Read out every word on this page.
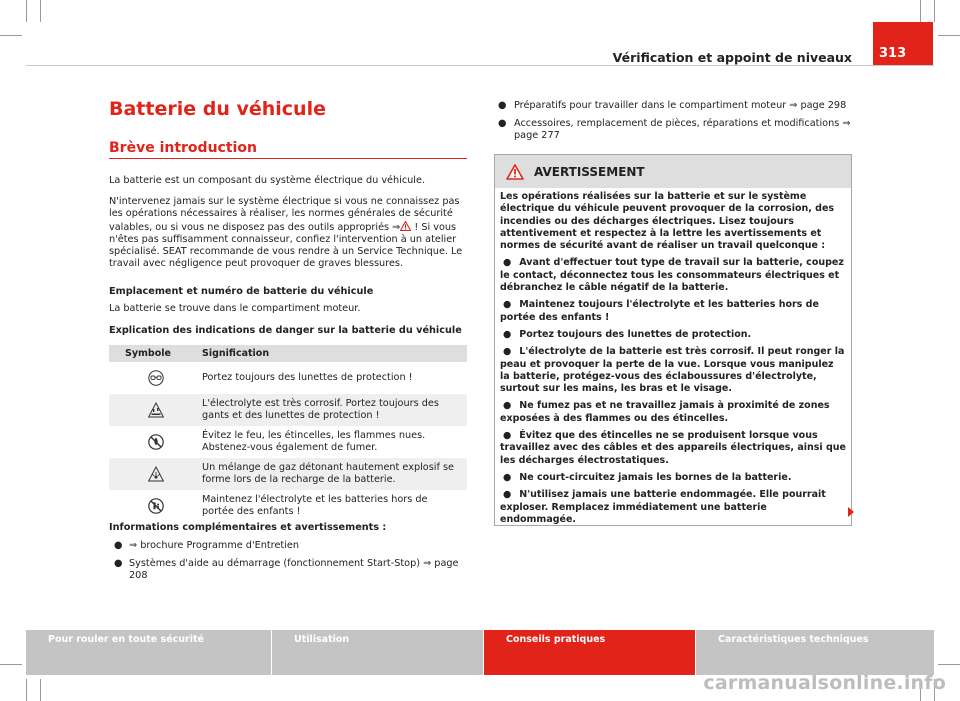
Vérification et appoint de niveaux	313
Batterie du véhicule
Brève introduction
La batterie est un composant du système électrique du véhicule.
N'intervenez jamais sur le système électrique si vous ne connaissez pas les opérations nécessaires à réaliser, les normes générales de sécurité valables, ou si vous ne disposez pas des outils appropriés ⇒ ! Si vous n'êtes pas suffisamment connaisseur, confiez l'intervention à un atelier spécialisé. SEAT recommande de vous rendre à un Service Technique. Le travail avec négligence peut provoquer de graves blessures.
Emplacement et numéro de batterie du véhicule
La batterie se trouve dans le compartiment moteur.
Explication des indications de danger sur la batterie du véhicule
Symbole	Signification
Portez toujours des lunettes de protection !
L'électrolyte est très corrosif. Portez toujours des gants et des lunettes de protection !
Évitez le feu, les étincelles, les flammes nues. Abstenez-vous également de fumer.
Un mélange de gaz détonant hautement explosif se forme lors de la recharge de la batterie.
Maintenez l'électrolyte et les batteries hors de portée des enfants !
Informations complémentaires et avertissements :
● ⇒ brochure Programme d'Entretien
● Systèmes d'aide au démarrage (fonctionnement Start-Stop) ⇒ page 208
● Préparatifs pour travailler dans le compartiment moteur ⇒ page 298
● Accessoires, remplacement de pièces, réparations et modifications ⇒ page 277
AVERTISSEMENT

Les opérations réalisées sur la batterie et sur le système électrique du véhicule peuvent provoquer de la corrosion, des incendies ou des décharges électriques. Lisez toujours attentivement et respectez à la lettre les avertissements et normes de sécurité avant de réaliser un travail quelconque :

● Avant d'effectuer tout type de travail sur la batterie, coupez le contact, déconnectez tous les consommateurs électriques et débranchez le câble négatif de la batterie.

● Maintenez toujours l'électrolyte et les batteries hors de portée des enfants !

● Portez toujours des lunettes de protection.

● L'électrolyte de la batterie est très corrosif. Il peut ronger la peau et provoquer la perte de la vue. Lorsque vous manipulez la batterie, protégez-vous des éclaboussures d'électrolyte, surtout sur les mains, les bras et le visage.

● Ne fumez pas et ne travaillez jamais à proximité de zones exposées à des flammes ou des étincelles.

● Évitez que des étincelles ne se produisent lorsque vous travaillez avec des câbles et des appareils électriques, ainsi que les décharges électrostatiques.

● Ne court-circuitez jamais les bornes de la batterie.

● N'utilisez jamais une batterie endommagée. Elle pourrait exploser. Remplacez immédiatement une batterie endommagée.

Pour rouler en toute sécurité	Utilisation	Conseils pratiques	Caractéristiques techniques
carmanualsonline.info
